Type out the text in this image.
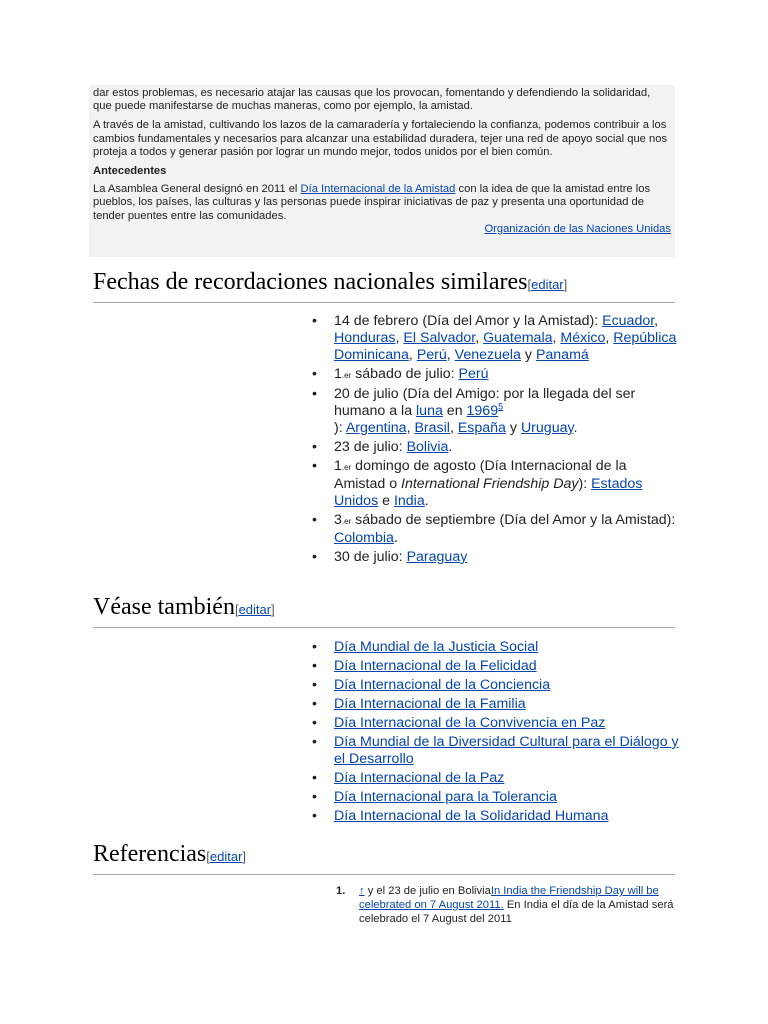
dar estos problemas, es necesario atajar las causas que los provocan, fomentando y defendiendo la solidaridad, que puede manifestarse de muchas maneras, como por ejemplo, la amistad.

A través de la amistad, cultivando los lazos de la camaradería y fortaleciendo la confianza, podemos contribuir a los cambios fundamentales y necesarios para alcanzar una estabilidad duradera, tejer una red de apoyo social que nos proteja a todos y generar pasión por lograr un mundo mejor, todos unidos por el bien común.

Antecedentes

La Asamblea General designó en 2011 el Día Internacional de la Amistad con la idea de que la amistad entre los pueblos, los países, las culturas y las personas puede inspirar iniciativas de paz y presenta una oportunidad de tender puentes entre las comunidades.

Organización de las Naciones Unidas

Fechas de recordaciones nacionales similares[editar]
• 14 de febrero (Día del Amor y la Amistad): Ecuador, Honduras, El Salvador, Guatemala, México, República Dominicana, Perú, Venezuela y Panamá
• 1.er sábado de julio: Perú
• 20 de julio (Día del Amigo: por la llegada del ser humano a la luna en 1969$^5$
): Argentina, Brasil, España y Uruguay.
• 23 de julio: Bolivia.
• 1.er domingo de agosto (Día Internacional de la Amistad o International Friendship Day): Estados Unidos e India.
• 3.er sábado de septiembre (Día del Amor y la Amistad): Colombia.
• 30 de julio: Paraguay
Véase también[editar]
• Día Mundial de la Justicia Social
• Día Internacional de la Felicidad
• Día Internacional de la Conciencia
• Día Internacional de la Familia
• Día Internacional de la Convivencia en Paz
• Día Mundial de la Diversidad Cultural para el Diálogo y el Desarrollo
• Día Internacional de la Paz
• Día Internacional para la Tolerancia
• Día Internacional de la Solidaridad Humana
Referencias[editar]
1. ↑ y el 23 de julio en BoliviaIn India the Friendship Day will be celebrated on 7 August 2011. En India el día de la Amistad será celebrado el 7 August del 2011
